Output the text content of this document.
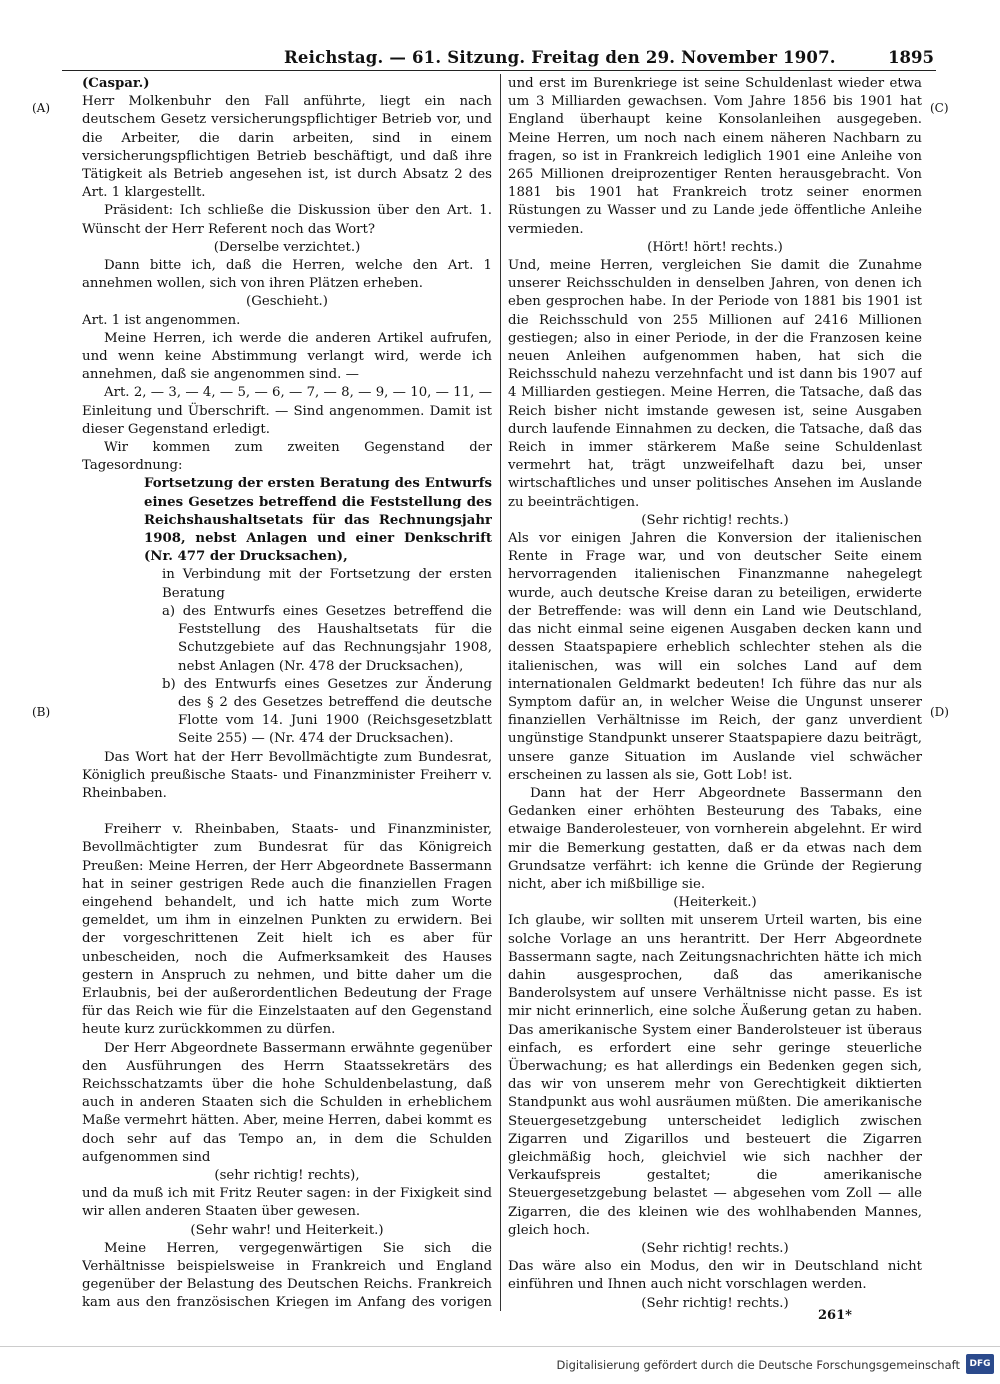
Reichstag. — 61. Sitzung. Freitag den 29. November 1907.	1895
(A)
(B)
(C)
(D)

(Caspar.)

Herr Molkenbuhr den Fall anführte, liegt ein nach deutschem Gesetz versicherungspflichtiger Betrieb vor, und die Arbeiter, die darin arbeiten, sind in einem versicherungspflichtigen Betrieb beschäftigt, und daß ihre Tätigkeit als Betrieb angesehen ist, ist durch Absatz 2 des Art. 1 klargestellt.

Präsident: Ich schließe die Diskussion über den Art. 1. Wünscht der Herr Referent noch das Wort?

(Derselbe verzichtet.)

Dann bitte ich, daß die Herren, welche den Art. 1 annehmen wollen, sich von ihren Plätzen erheben.

(Geschieht.)

Art. 1 ist angenommen.

Meine Herren, ich werde die anderen Artikel aufrufen, und wenn keine Abstimmung verlangt wird, werde ich annehmen, daß sie angenommen sind. —

Art. 2, — 3, — 4, — 5, — 6, — 7, — 8, — 9, — 10, — 11, — Einleitung und Überschrift. — Sind angenommen. Damit ist dieser Gegenstand erledigt.

Wir kommen zum zweiten Gegenstand der Tagesordnung:

Fortsetzung der ersten Beratung des Entwurfs eines Gesetzes betreffend die Feststellung des Reichshaushaltsetats für das Rechnungsjahr 1908, nebst Anlagen und einer Denkschrift (Nr. 477 der Drucksachen),

in Verbindung mit der Fortsetzung der ersten Beratung

a) des Entwurfs eines Gesetzes betreffend die Feststellung des Haushaltsetats für die Schutzgebiete auf das Rechnungsjahr 1908, nebst Anlagen (Nr. 478 der Drucksachen),

b) des Entwurfs eines Gesetzes zur Änderung des § 2 des Gesetzes betreffend die deutsche Flotte vom 14. Juni 1900 (Reichsgesetzblatt Seite 255) — (Nr. 474 der Drucksachen).

Das Wort hat der Herr Bevollmächtigte zum Bundesrat, Königlich preußische Staats- und Finanzminister Freiherr v. Rheinbaben.

Freiherr v. Rheinbaben, Staats- und Finanzminister, Bevollmächtigter zum Bundesrat für das Königreich Preußen: Meine Herren, der Herr Abgeordnete Bassermann hat in seiner gestrigen Rede auch die finanziellen Fragen eingehend behandelt, und ich hatte mich zum Worte gemeldet, um ihm in einzelnen Punkten zu erwidern. Bei der vorgeschrittenen Zeit hielt ich es aber für unbescheiden, noch die Aufmerksamkeit des Hauses gestern in Anspruch zu nehmen, und bitte daher um die Erlaubnis, bei der außerordentlichen Bedeutung der Frage für das Reich wie für die Einzelstaaten auf den Gegenstand heute kurz zurückkommen zu dürfen.

Der Herr Abgeordnete Bassermann erwähnte gegenüber den Ausführungen des Herrn Staatssekretärs des Reichsschatzamts über die hohe Schuldenbelastung, daß auch in anderen Staaten sich die Schulden in erheblichem Maße vermehrt hätten. Aber, meine Herren, dabei kommt es doch sehr auf das Tempo an, in dem die Schulden aufgenommen sind

(sehr richtig! rechts),

und da muß ich mit Fritz Reuter sagen: in der Fixigkeit sind wir allen anderen Staaten über gewesen.

(Sehr wahr! und Heiterkeit.)

Meine Herren, vergegenwärtigen Sie sich die Verhältnisse beispielsweise in Frankreich und England gegenüber der Belastung des Deutschen Reichs. Frankreich kam aus den französischen Kriegen im Anfang des vorigen

und erst im Burenkriege ist seine Schuldenlast wieder etwa um 3 Milliarden gewachsen. Vom Jahre 1856 bis 1901 hat England überhaupt keine Konsolanleihen ausgegeben. Meine Herren, um noch nach einem näheren Nachbarn zu fragen, so ist in Frankreich lediglich 1901 eine Anleihe von 265 Millionen dreiprozentiger Renten herausgebracht. Von 1881 bis 1901 hat Frankreich trotz seiner enormen Rüstungen zu Wasser und zu Lande jede öffentliche Anleihe vermieden.

(Hört! hört! rechts.)

Und, meine Herren, vergleichen Sie damit die Zunahme unserer Reichsschulden in denselben Jahren, von denen ich eben gesprochen habe. In der Periode von 1881 bis 1901 ist die Reichsschuld von 255 Millionen auf 2416 Millionen gestiegen; also in einer Periode, in der die Franzosen keine neuen Anleihen aufgenommen haben, hat sich die Reichsschuld nahezu verzehnfacht und ist dann bis 1907 auf 4 Milliarden gestiegen. Meine Herren, die Tatsache, daß das Reich bisher nicht imstande gewesen ist, seine Ausgaben durch laufende Einnahmen zu decken, die Tatsache, daß das Reich in immer stärkerem Maße seine Schuldenlast vermehrt hat, trägt unzweifelhaft dazu bei, unser wirtschaftliches und unser politisches Ansehen im Auslande zu beeinträchtigen.

(Sehr richtig! rechts.)

Als vor einigen Jahren die Konversion der italienischen Rente in Frage war, und von deutscher Seite einem hervorragenden italienischen Finanzmanne nahegelegt wurde, auch deutsche Kreise daran zu beteiligen, erwiderte der Betreffende: was will denn ein Land wie Deutschland, das nicht einmal seine eigenen Ausgaben decken kann und dessen Staatspapiere erheblich schlechter stehen als die italienischen, was will ein solches Land auf dem internationalen Geldmarkt bedeuten! Ich führe das nur als Symptom dafür an, in welcher Weise die Ungunst unserer finanziellen Verhältnisse im Reich, der ganz unverdient ungünstige Standpunkt unserer Staatspapiere dazu beiträgt, unsere ganze Situation im Auslande viel schwächer erscheinen zu lassen als sie, Gott Lob! ist.

Dann hat der Herr Abgeordnete Bassermann den Gedanken einer erhöhten Besteurung des Tabaks, eine etwaige Banderolesteuer, von vornherein abgelehnt. Er wird mir die Bemerkung gestatten, daß er da etwas nach dem Grundsatze verfährt: ich kenne die Gründe der Regierung nicht, aber ich mißbillige sie.

(Heiterkeit.)

Ich glaube, wir sollten mit unserem Urteil warten, bis eine solche Vorlage an uns herantritt. Der Herr Abgeordnete Bassermann sagte, nach Zeitungsnachrichten hätte ich mich dahin ausgesprochen, daß das amerikanische Banderolsystem auf unsere Verhältnisse nicht passe. Es ist mir nicht erinnerlich, eine solche Äußerung getan zu haben. Das amerikanische System einer Banderolsteuer ist überaus einfach, es erfordert eine sehr geringe steuerliche Überwachung; es hat allerdings ein Bedenken gegen sich, das wir von unserem mehr von Gerechtigkeit diktierten Standpunkt aus wohl ausräumen müßten. Die amerikanische Steuergesetzgebung unterscheidet lediglich zwischen Zigarren und Zigarillos und besteuert die Zigarren gleichmäßig hoch, gleichviel wie sich nachher der Verkaufspreis gestaltet; die amerikanische Steuergesetzgebung belastet — abgesehen vom Zoll — alle Zigarren, die des kleinen wie des wohlhabenden Mannes, gleich hoch.

(Sehr richtig! rechts.)

Das wäre also ein Modus, den wir in Deutschland nicht einführen und Ihnen auch nicht vorschlagen werden.

(Sehr richtig! rechts.)

261*
Digitalisierung gefördert durch die Deutsche Forschungsgemeinschaft	DFG
